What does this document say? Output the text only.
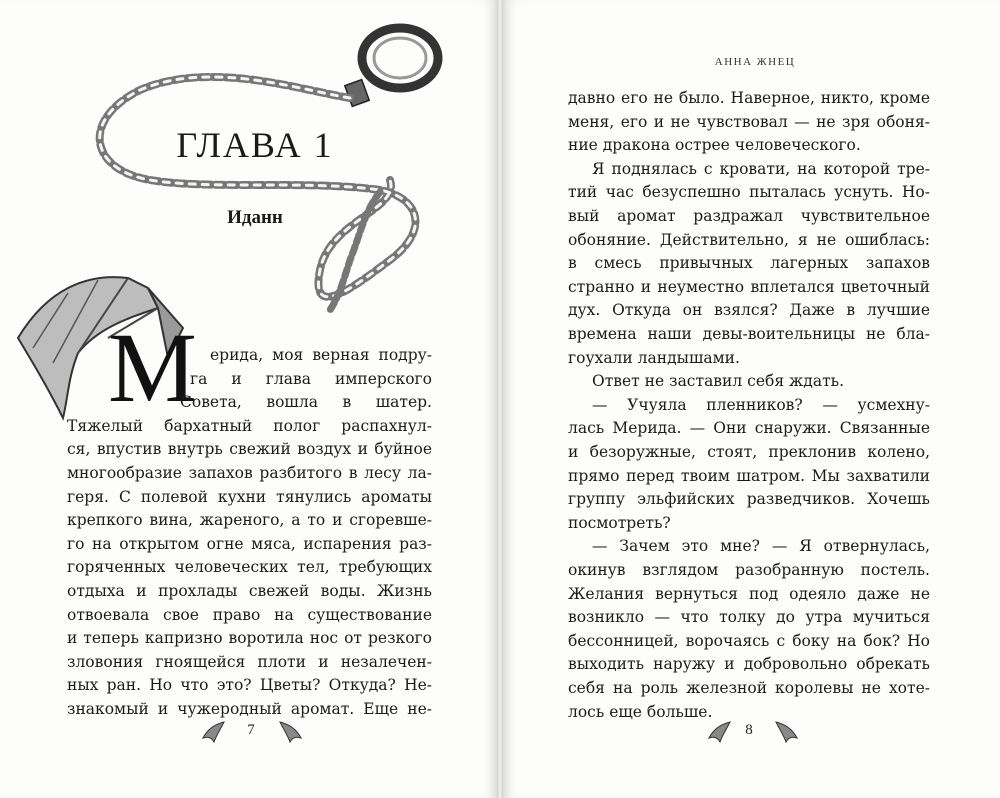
ГЛАВА 1
Иданн
М ерида, моя верная подру-
га и глава имперского
Совета, вошла в шатер.
Тяжелый бархатный полог распахнул-
ся, впустив внутрь свежий воздух и буйное
многообразие запахов разбитого в лесу ла-
геря. С полевой кухни тянулись ароматы
крепкого вина, жареного, а то и сгоревше-
го на открытом огне мяса, испарения раз-
горяченных человеческих тел, требующих
отдыха и прохлады свежей воды. Жизнь
отвоевала свое право на существование
и теперь капризно воротила нос от резкого
зловония гноящейся плоти и незалечен-
ных ран. Но что это? Цветы? Откуда? Не-
знакомый и чужеродный аромат. Еще не-
давно его не было. Наверное, никто, кроме
меня, его и не чувствовал — не зря обоня-
ние дракона острее человеческого.
Я поднялась с кровати, на которой тре-
тий час безуспешно пыталась уснуть. Но-
вый аромат раздражал чувствительное
обоняние. Действительно, я не ошиблась:
в смесь привычных лагерных запахов
странно и неуместно вплетался цветочный
дух. Откуда он взялся? Даже в лучшие
времена наши девы-воительницы не бла-
гоухали ландышами.
Ответ не заставил себя ждать.
— Учуяла пленников? — усмехну-
лась Мерида. — Они снаружи. Связанные
и безоружные, стоят, преклонив колено,
прямо перед твоим шатром. Мы захватили
группу эльфийских разведчиков. Хочешь
посмотреть?
— Зачем это мне? — Я отвернулась,
окинув взглядом разобранную постель.
Желания вернуться под одеяло даже не
возникло — что толку до утра мучиться
бессонницей, ворочаясь с боку на бок? Но
выходить наружу и добровольно обрекать
себя на роль железной королевы не хоте-
лось еще больше.
АННА ЖНЕЦ
7	8
